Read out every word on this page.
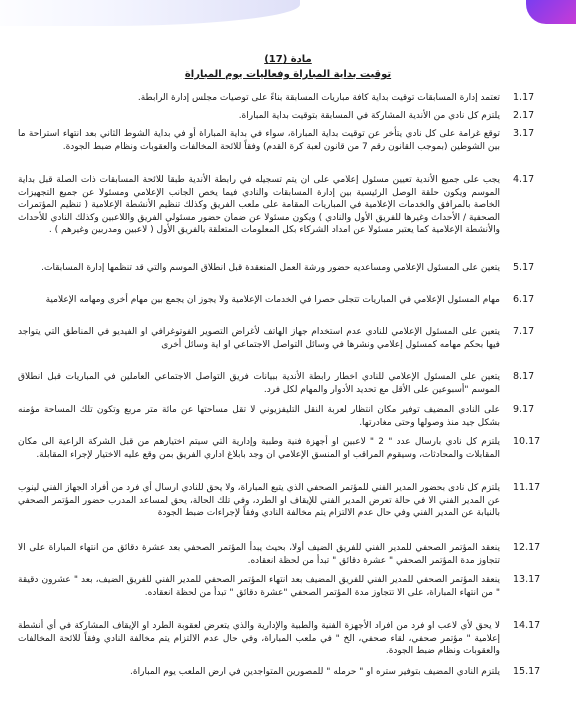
مادة (17)
توقيت بداية المباراة وفعاليات يوم المباراة
1.17
تعتمد إدارة المسابقات توقيت بداية كافة مباريات المسابقة بناءً على توصيات مجلس إدارة الرابطة.
2.17
يلتزم كل نادي من الأندية المشاركة في المسابقة بتوقيت بداية المباراة.
3.17
توقع غرامة على كل نادي يتأخر عن توقيت بداية المباراة، سواء في بداية المباراة أو في بداية الشوط الثاني بعد انتهاء استراحة ما بين الشوطين (بموجب القانون رقم 7 من قانون لعبة كرة القدم) وفقاً للائحة المخالفات والعقوبات ونظام ضبط الجودة.
4.17
يجب على جميع الأندية تعيين مسئول إعلامي على ان يتم تسجيله في رابطة الأندية طبقا للائحة المسابقات ذات الصلة قبل بداية الموسم ويكون حلقة الوصل الرئيسية بين إدارة المسابقات والنادي فيما يخص الجانب الإعلامي ومسئولا عن جميع التجهيزات الخاصة بالمرافق والخدمات الإعلامية في المباريات المقامة على ملعب الفريق وكذلك تنظيم الأنشطة الإعلامية ( تنظيم المؤتمرات الصحفية / الأحداث وغيرها للفريق الأول والنادي ) ويكون مسئولا عن ضمان حضور مسئولي الفريق واللاعبين وكذلك النادي للأحداث والأنشطة الإعلامية كما يعتبر مسئولا عن امداد الشركاء بكل المعلومات المتعلقة بالفريق الأول ( لاعبين ومدربين وغيرهم ) .
5.17
يتعين على المسئول الإعلامي ومساعديه حضور ورشة العمل المنعقدة قبل انطلاق الموسم والتي قد تنظمها إدارة المسابقات.
6.17
مهام المسئول الإعلامي في المباريات تتجلى حصرا في الخدمات الإعلامية ولا يجوز ان يجمع بين مهام أخرى ومهامه الإعلامية
7.17
يتعين على المسئول الإعلامي للنادي عدم استخدام جهاز الهاتف لأغراض التصوير الفوتوغرافي او الفيديو في المناطق التي يتواجد فيها بحكم مهامه كمسئول إعلامي ونشرها في وسائل التواصل الاجتماعي او اية وسائل أخرى
8.17
يتعين على المسئول الإعلامي للنادي اخطار رابطة الأندية ببيانات فريق التواصل الاجتماعي العاملين في المباريات قبل انطلاق الموسم "أسبوعين على الأقل مع تحديد الأدوار والمهام لكل فرد.
9.17
على النادي المضيف توفير مكان انتظار لعربة النقل التليفزيوني لا تقل مساحتها عن مائة متر مربع وتكون تلك المساحة مؤمنه بشكل جيد منذ وصولها وحتى مغادرتها.
10.17
يلتزم كل نادي بارسال عدد " 2 " لاعبين او أجهزة فنية وطبية وإدارية التي سيتم اختيارهم من قبل الشركة الراعية الى مكان المقابلات والمحادثات، وسيقوم المراقب او المنسق الإعلامي ان وجد بابلاغ اداري الفريق بمن وقع عليه الاختيار لإجراء المقابلة.
11.17
يلتزم كل نادى بحضور المدير الفني للمؤتمر الصحفي الذي يتبع المباراة، ولا يحق للنادي ارسال أي فرد من أفراد الجهاز الفني لينوب عن المدير الفني الا في حالة تعرض المدير الفني للإيقاف او الطرد، وفي تلك الحالة، يحق لمساعد المدرب حضور المؤتمر الصحفي بالنيابة عن المدير الفني وفي حال عدم الالتزام يتم مخالفة النادي وفقاً لإجراءات ضبط الجودة
12.17
ينعقد المؤتمر الصحفي للمدير الفني للفريق الضيف أولا، بحيث يبدأ المؤتمر الصحفي بعد عشرة دقائق من انتهاء المباراة على الا تتجاوز مدة المؤتمر الصحفي " عشرة دقائق " تبدأ من لحظة انعقاده.
13.17
ينعقد المؤتمر الصحفي للمدير الفني للفريق المضيف بعد انتهاء المؤتمر الصحفي للمدير الفني للفريق الضيف، بعد " عشرون دقيقة " من انتهاء المباراة، على الا تتجاوز مدة المؤتمر الصحفي "عشرة دقائق " تبدأ من لحظة انعقاده.
14.17
لا يحق لأي لاعب او فرد من افراد الأجهزة الفنية والطبية والإدارية والذي يتعرض لعقوبة الطرد او الإيقاف المشاركة في أي أنشطة إعلامية " مؤتمر صحفي، لقاء صحفي، الخ " في ملعب المباراة، وفي حال عدم الالتزام يتم مخالفة النادي وفقاً للائحة المخالفات والعقوبات ونظام ضبط الجودة.
15.17
يلتزم النادي المضيف بتوفير ستره او " حرمله " للمصورين المتواجدين في ارض الملعب يوم المباراة.
